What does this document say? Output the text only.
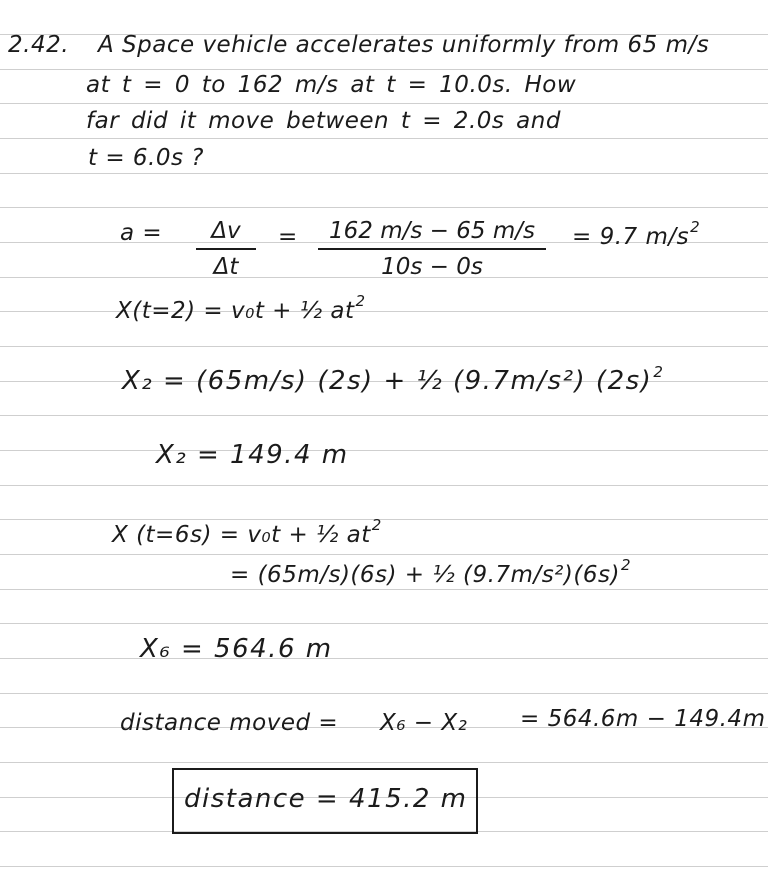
2.42. A Space vehicle accelerates uniformly from 65 m/s
at t = 0 to 162 m/s at t = 10.0s. How
far did it move between t = 2.0s and
t = 6.0s ?
a =	Δv
Δt
=	162 m/s − 65 m/s
10s − 0s
= 9.7 $m/s^2$
X(t=2) = v₀t + ½ $at^2$
X₂ = (65m/s) (2s) + ½ (9.7m/s²) $(2s)^2$
X₂ = 149.4 m
X (t=6s) = v₀t + ½ $at^2$
= (65m/s)(6s) + ½ $(9.7m/s^2)(6s)^2$
X₆ = 564.6 m
distance moved = X₆ − X₂ = 564.6m − 149.4m
distance = 415.2 m
